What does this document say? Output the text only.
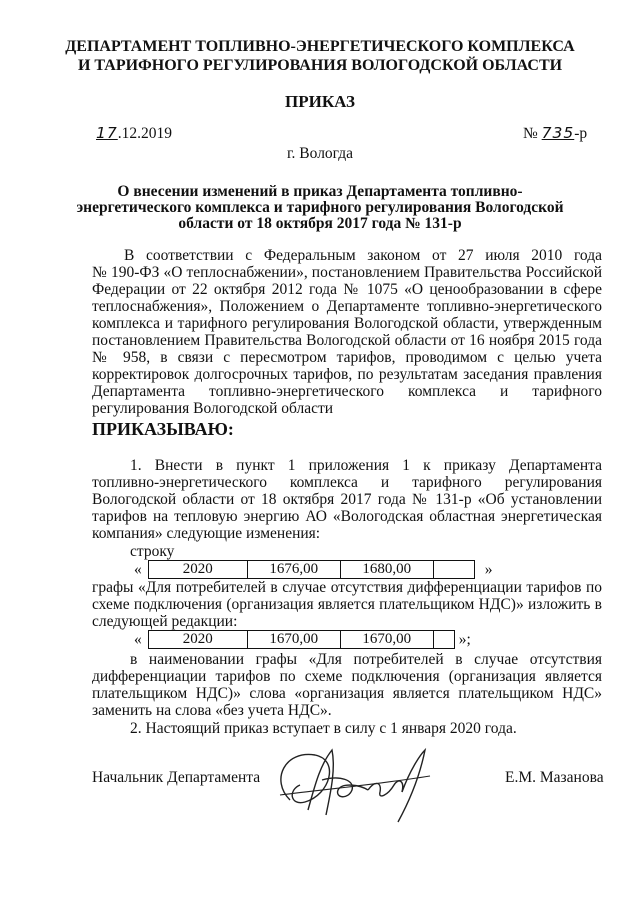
ДЕПАРТАМЕНТ ТОПЛИВНО-ЭНЕРГЕТИЧЕСКОГО КОМПЛЕКСА
И ТАРИФНОГО РЕГУЛИРОВАНИЯ ВОЛОГОДСКОЙ ОБЛАСТИ
ПРИКАЗ
17.12.2019	№ 735-р
г. Вологда
О внесении изменений в приказ Департамента топливно-
энергетического комплекса и тарифного регулирования Вологодской
области от 18 октября 2017 года № 131-р
В соответствии с Федеральным законом от 27 июля 2010 года
№ 190-ФЗ «О теплоснабжении», постановлением Правительства Российской
Федерации от 22 октября 2012 года № 1075 «О ценообразовании в сфере
теплоснабжения», Положением о Департаменте топливно-энергетического
комплекса и тарифного регулирования Вологодской области, утвержденным
постановлением Правительства Вологодской области от 16 ноября 2015 года
№ 958, в связи с пересмотром тарифов, проводимом с целью учета
корректировок долгосрочных тарифов, по результатам заседания правления
Департамента топливно-энергетического комплекса и тарифного
регулирования Вологодской области
ПРИКАЗЫВАЮ:
1. Внести в пункт 1 приложения 1 к приказу Департамента
топливно-энергетического комплекса и тарифного регулирования
Вологодской области от 18 октября 2017 года № 131-р «Об установлении
тарифов на тепловую энергию АО «Вологодская областная энергетическая
компания» следующие изменения:
строку
«	2020	1676,00	1680,00		»
графы «Для потребителей в случае отсутствия дифференциации тарифов по
схеме подключения (организация является плательщиком НДС)» изложить в
следующей редакции:
«	2020	1670,00	1670,00		»;
в наименовании графы «Для потребителей в случае отсутствия
дифференциации тарифов по схеме подключения (организация является
плательщиком НДС)» слова «организация является плательщиком НДС»
заменить на слова «без учета НДС».
2. Настоящий приказ вступает в силу с 1 января 2020 года.
Начальник Департамента	Е.М. Мазанова
